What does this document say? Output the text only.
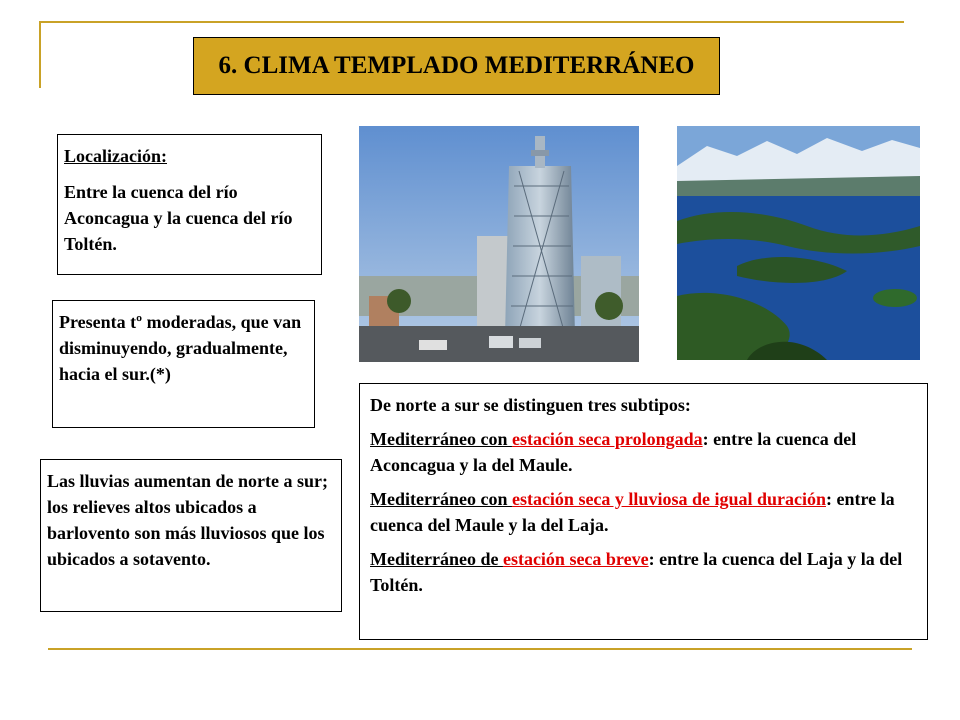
6. CLIMA TEMPLADO MEDITERRÁNEO

Localización:

Entre la cuenca del río Aconcagua y la cuenca del río Toltén.

Presenta tº moderadas, que van disminuyendo, gradualmente, hacia el sur.(*)

Las lluvias aumentan de norte a sur; los relieves altos ubicados a barlovento son más lluviosos que los ubicados a sotavento.

De norte a sur se distinguen tres subtipos:

Mediterráneo con estación seca prolongada: entre la cuenca del Aconcagua y la del Maule.

Mediterráneo con estación seca y lluviosa de igual duración: entre la cuenca del Maule y la del Laja.

Mediterráneo de estación seca breve: entre la cuenca del Laja y la del Toltén.
